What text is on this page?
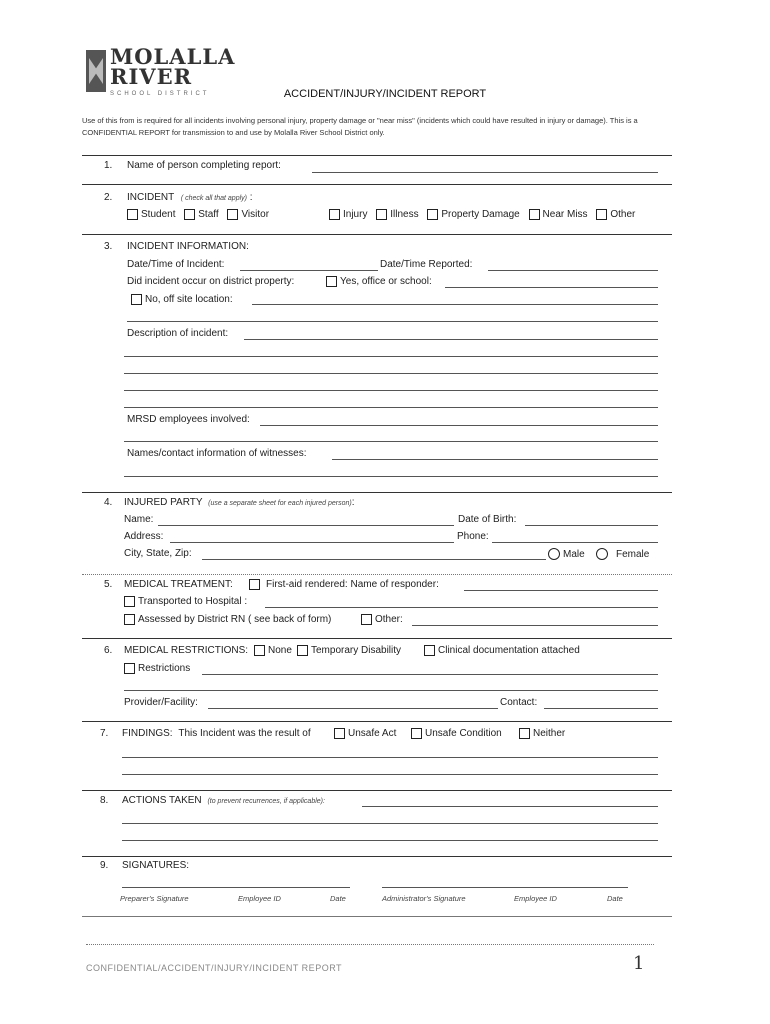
MOLALLA
RIVER
SCHOOL DISTRICT	ACCIDENT/INJURY/INCIDENT REPORT
Use of this from is required for all incidents involving personal injury, property damage or "near miss" (incidents which could have resulted in injury or damage). This is a CONFIDENTIAL REPORT for transmission to and use by Molalla River School District only.
1. Name of person completing report:
2. INCIDENT ( check all that apply) :
Student Staff Visitor	Injury Illness Property Damage Near Miss Other
3. INCIDENT INFORMATION:
Date/Time of Incident:	Date/Time Reported:
Did incident occur on district property:	Yes, office or school:
No, off site location:
Description of incident:
MRSD employees involved:
Names/contact information of witnesses:
4. INJURED PARTY (use a separate sheet for each injured person):
Name:	Date of Birth:
Address:	Phone:
City, State, Zip:	Male	Female
5. MEDICAL TREATMENT:	First-aid rendered: Name of responder:
Transported to Hospital :
Assessed by District RN ( see back of form)	Other:
6. MEDICAL RESTRICTIONS:	None	Temporary Disability	Clinical documentation attached
Restrictions
Provider/Facility:	Contact:
7. FINDINGS: This Incident was the result of	Unsafe Act	Unsafe Condition	Neither
8. ACTIONS TAKEN (to prevent recurrences, if applicable):
9. SIGNATURES:
Preparer's Signature	Employee ID	Date	Administrator's Signature	Employee ID	Date
CONFIDENTIAL/ACCIDENT/INJURY/INCIDENT REPORT	1
